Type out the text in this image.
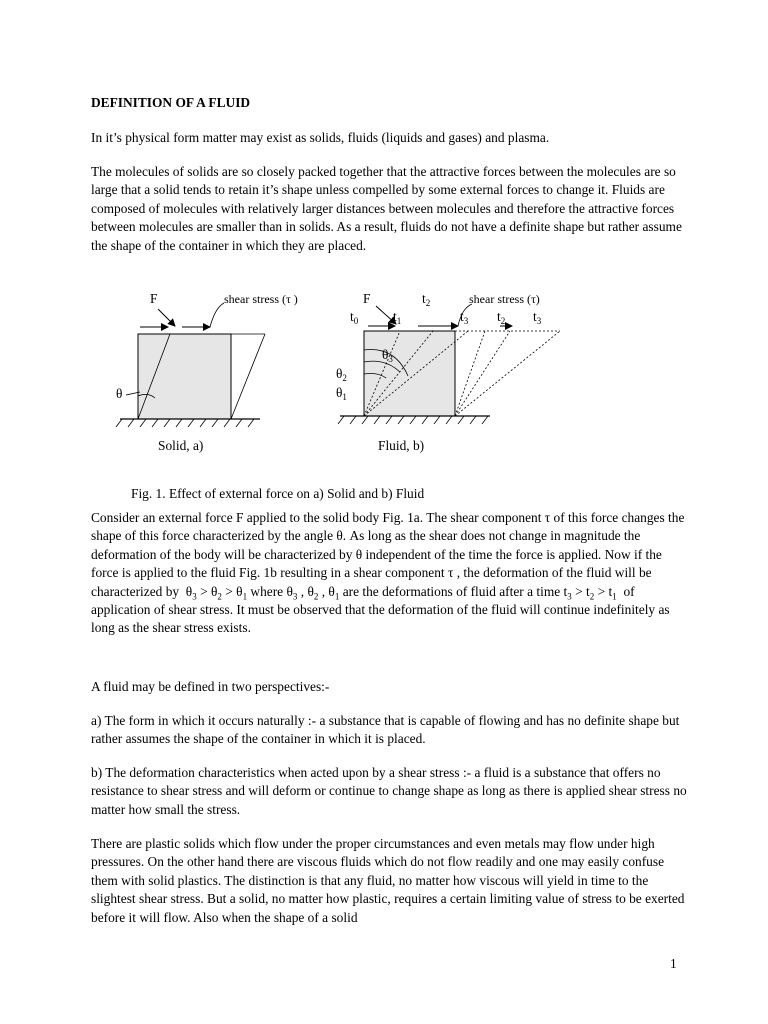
DEFINITION OF A FLUID

In it’s physical form matter may exist as solids, fluids (liquids and gases) and plasma.

The molecules of solids are so closely packed together that the attractive forces between the molecules are so large that a solid tends to retain it’s shape unless compelled by some external forces to change it. Fluids are composed of molecules with relatively larger distances between molecules and therefore the attractive forces between molecules are smaller than in solids. As a result, fluids do not have a definite shape but rather assume the shape of the container in which they are placed.

F	shear stress (τ )
θ
Solid, a)
F	$t_2$	shear stress (τ)
$t_0$	$t_1$	$t_3$ $t_2$ $t_3$
$\theta_3$
$\theta_2$
$\theta_1$
Fluid, b)

Fig. 1. Effect of external force on a) Solid and b) Fluid

Consider an external force F applied to the solid body Fig. 1a. The shear component τ of this force changes the shape of this force characterized by the angle θ. As long as the shear does not change in magnitude the deformation of the body will be characterized by θ independent of the time the force is applied. Now if the force is applied to the fluid Fig. 1b resulting in a shear component τ , the deformation of the fluid will be characterized by $\theta_3 > \theta_2 > \theta_1$ where $\theta_3$ , $\theta_2$ , $\theta_1$ are the deformations of fluid after a time $t_3 > t_2 > t_1$ of application of shear stress. It must be observed that the deformation of the fluid will continue indefinitely as long as the shear stress exists.

A fluid may be defined in two perspectives:-

a) The form in which it occurs naturally :- a substance that is capable of flowing and has no definite shape but rather assumes the shape of the container in which it is placed.

b) The deformation characteristics when acted upon by a shear stress :- a fluid is a substance that offers no resistance to shear stress and will deform or continue to change shape as long as there is applied shear stress no matter how small the stress.

There are plastic solids which flow under the proper circumstances and even metals may flow under high pressures. On the other hand there are viscous fluids which do not flow readily and one may easily confuse them with solid plastics. The distinction is that any fluid, no matter how viscous will yield in time to the slightest shear stress. But a solid, no matter how plastic, requires a certain limiting value of stress to be exerted before it will flow. Also when the shape of a solid

1
